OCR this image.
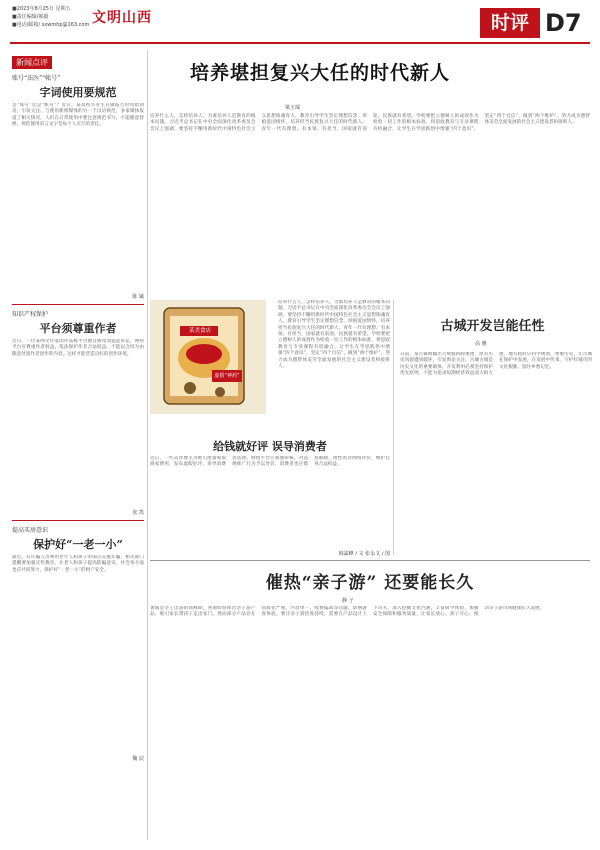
■2023年8月25日 星期五
■责任编辑/郝毅
■电话/邮箱/ sxwmhp@163.com 文明山西	时评 D7
新闻点评
账号“法医”“帐号”
字词使用要规范
是“账号”还是“帐号”？近日，某高校毕业生在做报告时用错词语，引发关注。与使用新闻媒体的另一个汉语规范，多家媒体报道了相关情况。人们在日常使用中要注意规范书写，不能随意替换，规范使用语言文字是每个人应尽的责任。
陈 铖
知识产权保护
平台须尊重作者
近日，一位某网文作家因作品被平台擅自修改而提起诉讼，网络平台应尊重作者权益，依法保护作者合法权益，不能以合同为由随意处置作者创作的内容，这样才能营造良好的创作环境。
张 凯
提高买房意识
保护好“一老一小”
最近，有诈骗人员利用老年人和孩子的弱点实施诈骗，相关部门提醒要加强宣传教育，让老人和孩子提高防骗意识，社会各方面也应共同努力，保护好“一老一小”的财产安全。
魏 辰
培养堪担复兴大任的时代新人
梁玉琛
培养什么人，怎样培养人，为谁培养人是教育的根本问题。习近平总书记在中央全面深化改革委员会会议上强调，要坚持不懈用新时代中国特色社会主义思想铸魂育人，教育引导学生坚定理想信念，厚植爱国情怀，培养担当民族复兴大任的时代新人。青年一代有理想、有本领、有担当，国家就有前途，民族就有希望。学校要把立德树人的成效作为检验一切工作的根本标准，将思政教育与专业课程有机融合，让学生在学思践悟中增强“四个意识”、坚定“四个自信”、做到“两个维护”，努力成为德智体美劳全面发展的社会主义建设者和接班人。
某美食店
虚假“神药”
培养什么人，怎样培养人，为谁培养人是教育的根本问题。习近平总书记在中央全面深化改革委员会会议上强调，要坚持不懈用新时代中国特色社会主义思想铸魂育人，教育引导学生坚定理想信念，厚植爱国情怀，培养担当民族复兴大任的时代新人。青年一代有理想、有本领、有担当，国家就有前途，民族就有希望。学校要把立德树人的成效作为检验一切工作的根本标准，将思政教育与专业课程有机融合，让学生在学思践悟中增强“四个意识”、坚定“四个自信”、做到“两个维护”，努力成为德智体美劳全面发展的社会主义建设者和接班人。
给钱就好评 误导消费者
近日，一些美食博主为吸引流量收取商家费用，发布虚假好评，误导消费者选择。网络平台应加强审核，对违规推广行为予以处罚，消费者也应擦亮眼睛，理性看待网络评价，维护自身合法权益。
韩霖峰 / 文 张永文 / 图
古城开发岂能任性
高 雅
日前，某古镇被曝出大规模拆除重建，原有历史风貌遭到破坏，引发舆论关注。古城古镇是历史文化的重要载体，开发利用必须坚持保护优先原则，不能为追求短期经济效益而大拆大建。地方政府应科学规划，尊重历史，让古城在保护中发展，在发展中传承，守护好城市的文化根脉，留住乡愁记忆。
催热“亲子游” 还要能长久
静 子
暑假是亲子出游的高峰期，各地纷纷推出亲子游产品，吸引家长带孩子走出家门。然而部分产品存在同质化严重、内容单一、收费偏高等问题，影响游客体验。要让亲子游热度持续，需要在产品设计上下功夫，深入挖掘文化内涵，丰富研学体验，加强安全保障和服务质量，让家长放心、孩子开心，推动亲子游市场健康长久发展。
